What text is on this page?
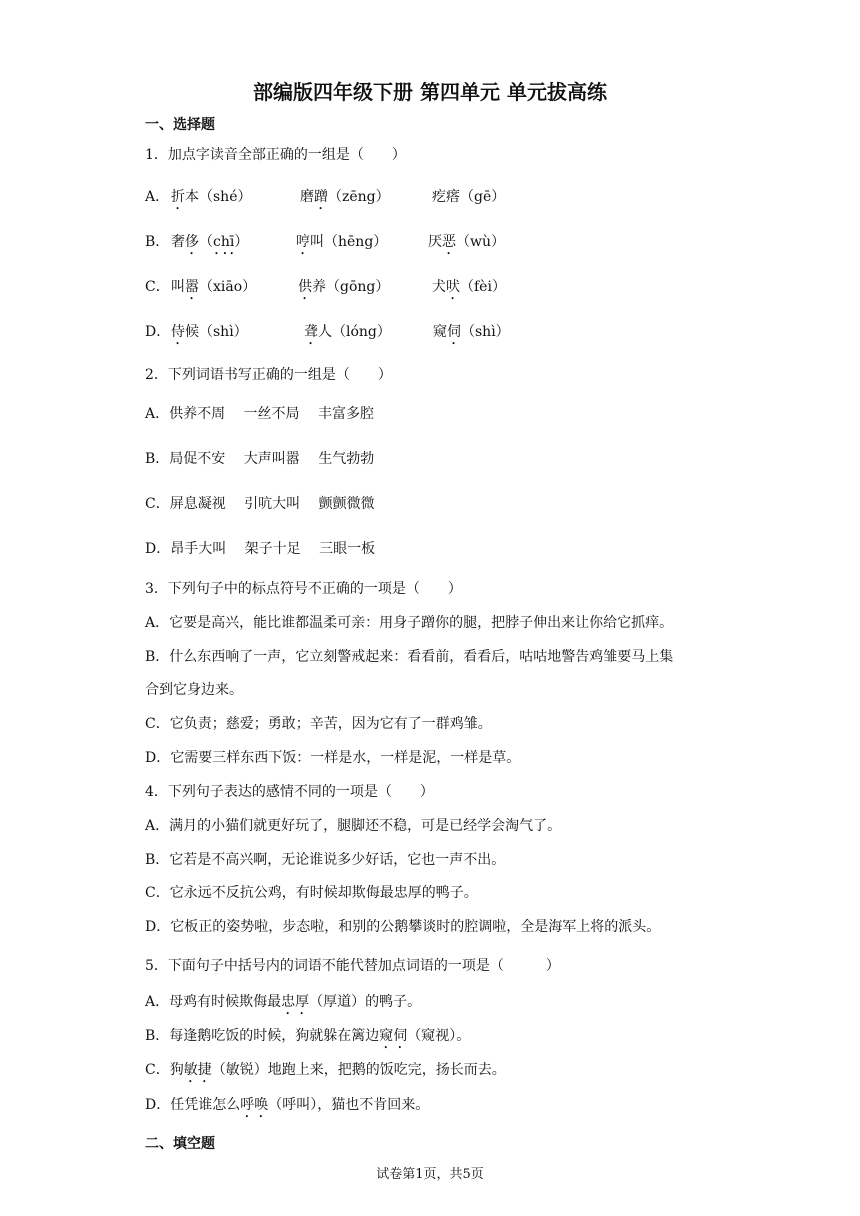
部编版四年级下册 第四单元 单元拔高练
一、选择题
1．加点字读音全部正确的一组是（　　）
A． 折本（shé）	磨蹭（zēng）	疙瘩（gē）
B． 奢侈（chī）	哼叫（hēng）	厌恶（wù）
C． 叫嚣（xiāo）	供养（gōng）	犬吠（fèi）
D． 侍候（shì）	聋人（lóng）	窥伺（shì）
2．下列词语书写正确的一组是（　　）
A．供养不周　 一丝不局　 丰富多腔
B．局促不安　 大声叫嚣　 生气勃勃
C．屏息凝视　 引吭大叫　 颤颤微微
D．昂手大叫　 架子十足　 三眼一板
3．下列句子中的标点符号不正确的一项是（　　）
A．它要是高兴，能比谁都温柔可亲：用身子蹭你的腿，把脖子伸出来让你给它抓痒。
B．什么东西响了一声，它立刻警戒起来：看看前，看看后，咕咕地警告鸡雏要马上集
合到它身边来。
C．它负责；慈爱；勇敢；辛苦，因为它有了一群鸡雏。
D．它需要三样东西下饭：一样是水，一样是泥，一样是草。
4．下列句子表达的感情不同的一项是（　　）
A．满月的小猫们就更好玩了，腿脚还不稳，可是已经学会淘气了。
B．它若是不高兴啊，无论谁说多少好话，它也一声不出。
C．它永远不反抗公鸡，有时候却欺侮最忠厚的鸭子。
D．它板正的姿势啦，步态啦，和别的公鹅攀谈时的腔调啦，全是海军上将的派头。
5．下面句子中括号内的词语不能代替加点词语的一项是（　　　）
A．母鸡有时候欺侮最忠厚（厚道）的鸭子。
B．每逢鹅吃饭的时候，狗就躲在篱边窥伺（窥视）。
C．狗敏捷（敏锐）地跑上来，把鹅的饭吃完，扬长而去。
D．任凭谁怎么呼唤（呼叫），猫也不肯回来。
二、填空题
试卷第1页，共5页
